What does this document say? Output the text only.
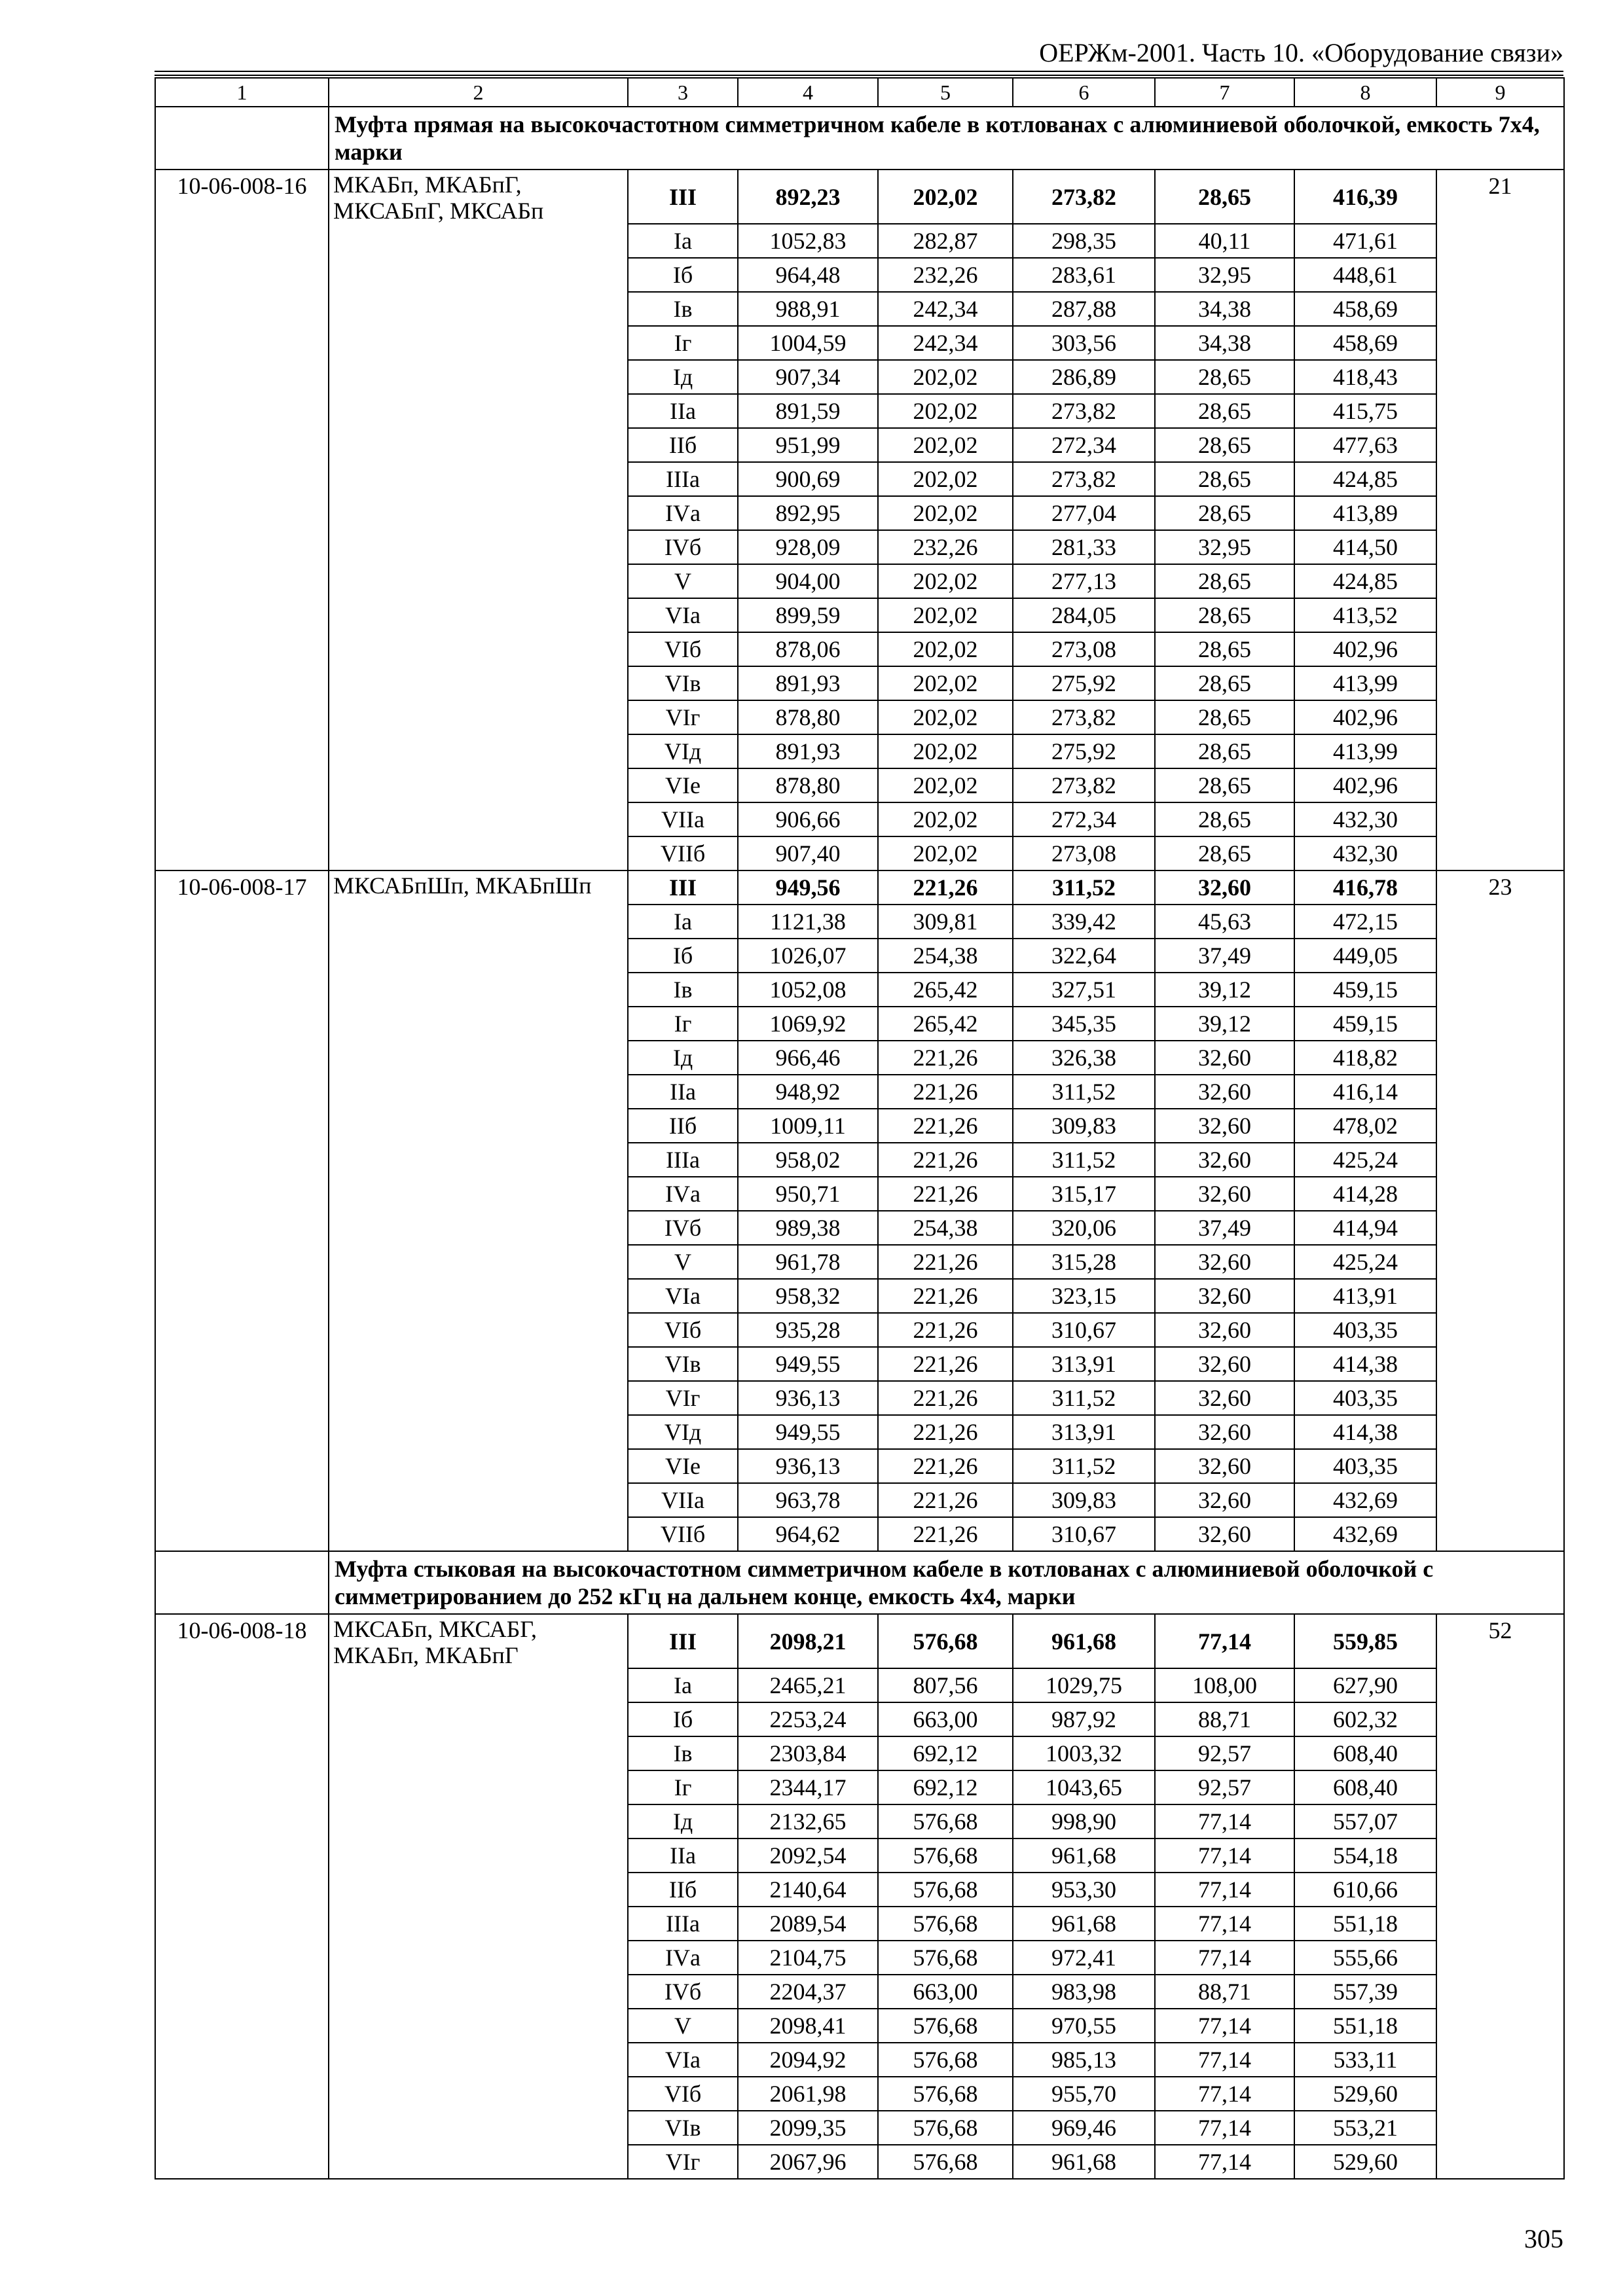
ОЕРЖм-2001. Часть 10. «Оборудование связи»
1	2	3	4	5	6	7	8	9
	Муфта прямая на высокочастотном симметричном кабеле в котлованах с алюминиевой оболочкой, емкость 7х4, марки							
10-06-008-16	МКАБп, МКАБпГ, МКСАБпГ, МКСАБп	III	892,23	202,02	273,82	28,65	416,39	21
		Iа	1052,83	282,87	298,35	40,11	471,61	
		Iб	964,48	232,26	283,61	32,95	448,61	
		Iв	988,91	242,34	287,88	34,38	458,69	
		Iг	1004,59	242,34	303,56	34,38	458,69	
		Iд	907,34	202,02	286,89	28,65	418,43	
		IIа	891,59	202,02	273,82	28,65	415,75	
		IIб	951,99	202,02	272,34	28,65	477,63	
		IIIа	900,69	202,02	273,82	28,65	424,85	
		IVа	892,95	202,02	277,04	28,65	413,89	
		IVб	928,09	232,26	281,33	32,95	414,50	
		V	904,00	202,02	277,13	28,65	424,85	
		VIа	899,59	202,02	284,05	28,65	413,52	
		VIб	878,06	202,02	273,08	28,65	402,96	
		VIв	891,93	202,02	275,92	28,65	413,99	
		VIг	878,80	202,02	273,82	28,65	402,96	
		VIд	891,93	202,02	275,92	28,65	413,99	
		VIе	878,80	202,02	273,82	28,65	402,96	
		VIIа	906,66	202,02	272,34	28,65	432,30	
		VIIб	907,40	202,02	273,08	28,65	432,30	
10-06-008-17	МКСАБпШп, МКАБпШп	III	949,56	221,26	311,52	32,60	416,78	23
		Iа	1121,38	309,81	339,42	45,63	472,15	
		Iб	1026,07	254,38	322,64	37,49	449,05	
		Iв	1052,08	265,42	327,51	39,12	459,15	
		Iг	1069,92	265,42	345,35	39,12	459,15	
		Iд	966,46	221,26	326,38	32,60	418,82	
		IIа	948,92	221,26	311,52	32,60	416,14	
		IIб	1009,11	221,26	309,83	32,60	478,02	
		IIIа	958,02	221,26	311,52	32,60	425,24	
		IVа	950,71	221,26	315,17	32,60	414,28	
		IVб	989,38	254,38	320,06	37,49	414,94	
		V	961,78	221,26	315,28	32,60	425,24	
		VIа	958,32	221,26	323,15	32,60	413,91	
		VIб	935,28	221,26	310,67	32,60	403,35	
		VIв	949,55	221,26	313,91	32,60	414,38	
		VIг	936,13	221,26	311,52	32,60	403,35	
		VIд	949,55	221,26	313,91	32,60	414,38	
		VIе	936,13	221,26	311,52	32,60	403,35	
		VIIа	963,78	221,26	309,83	32,60	432,69	
		VIIб	964,62	221,26	310,67	32,60	432,69	
	Муфта стыковая на высокочастотном симметричном кабеле в котлованах с алюминиевой оболочкой с симметрированием до 252 кГц на дальнем конце, емкость 4х4, марки							
10-06-008-18	МКСАБп, МКСАБГ, МКАБп, МКАБпГ	III	2098,21	576,68	961,68	77,14	559,85	52
		Iа	2465,21	807,56	1029,75	108,00	627,90	
		Iб	2253,24	663,00	987,92	88,71	602,32	
		Iв	2303,84	692,12	1003,32	92,57	608,40	
		Iг	2344,17	692,12	1043,65	92,57	608,40	
		Iд	2132,65	576,68	998,90	77,14	557,07	
		IIа	2092,54	576,68	961,68	77,14	554,18	
		IIб	2140,64	576,68	953,30	77,14	610,66	
		IIIа	2089,54	576,68	961,68	77,14	551,18	
		IVа	2104,75	576,68	972,41	77,14	555,66	
		IVб	2204,37	663,00	983,98	88,71	557,39	
		V	2098,41	576,68	970,55	77,14	551,18	
		VIа	2094,92	576,68	985,13	77,14	533,11	
		VIб	2061,98	576,68	955,70	77,14	529,60	
		VIв	2099,35	576,68	969,46	77,14	553,21	
		VIг	2067,96	576,68	961,68	77,14	529,60	
305
